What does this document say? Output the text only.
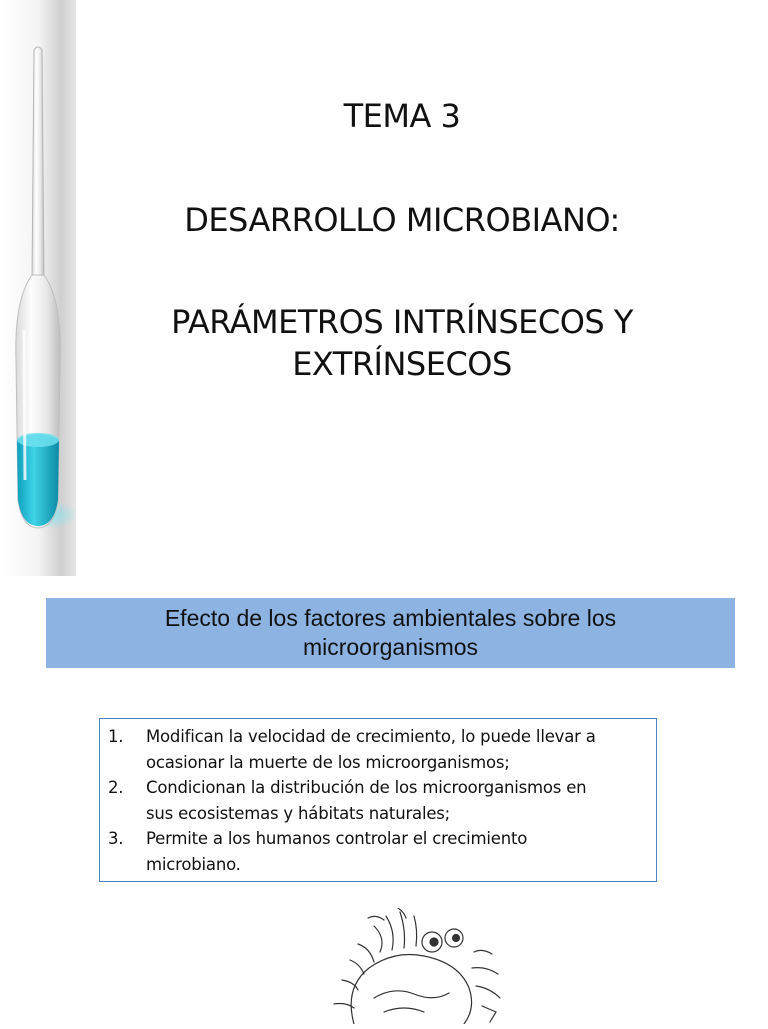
TEMA 3
DESARROLLO MICROBIANO:
PARÁMETROS INTRÍNSECOS Y
EXTRÍNSECOS
Efecto de los factores ambientales sobre los
microorganismos
1. Modifican la velocidad de crecimiento, lo puede llevar a
ocasionar la muerte de los microorganismos;
2. Condicionan la distribución de los microorganismos en
sus ecosistemas y hábitats naturales;
3. Permite a los humanos controlar el crecimiento
microbiano.
